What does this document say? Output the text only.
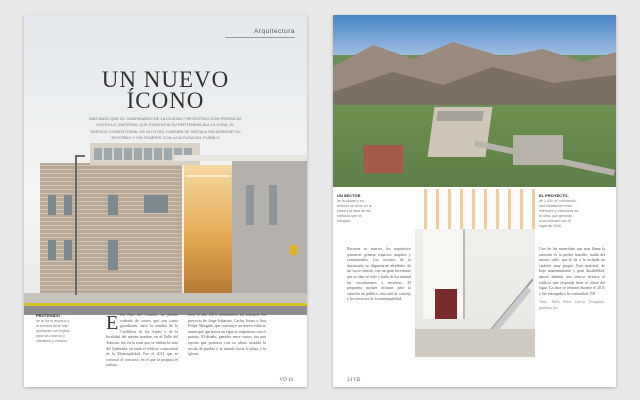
Arquitectura
UN NUEVO
ÍCONO
MÁS BAJO QUE EL CAMPANARIO DE LA IGLESIA Y REVESTIDO CON PIEDRA DE HUESILLO, MATERIAL QUE EVIDENCIA SU PERTENENCIA A LA ZONA, EL EDIFICIO CONSISTORIAL DE ALTO DEL CARMEN SE INSTALA SIN AGREDIR SU ENTORNO Y SIN ROMPER CON LA ALTURA DEL PUEBLO
PROTEGIDO
de la luz el espacio y la sombra tiene bajo aperturas con hojitas para los vecinos y visitantes y vecinos.
E En Alto del Carmen, un pueblo rodeado de cerros que son como guardianes, nace la sombra de la Cordillera de los Andes y de la localidad del mismo nombre, en el Valle del Tránsito, fue en la zona que se realiza la sede del Quebrada, en tanto el edificio consistorial de la Municipalidad. Fue el 2012 que se convocó al concurso, en el que se propuso el trabajo.
Para el año 2013 comenzaron los trabajos. Un proyecto de Jorge Iribarren, Carlos Sousa y Ana Felipe Morgado que construye un nuevo edificio municipal que busca un espacio respetuoso con el paisaje. El diseño, ganador entre varios, fue una opción que potencia con su altura acotada la escala de pueblo y la mirada hacia la plaza y la iglesia.
VD 16
UN SECTOR
de la ciudad y su entorno se tiene en la plaza y la idea de los edificios que se integran.
EL PROYECTO,
de 1.400 m² construido, una instalación entre interiores y exteriores de la obra, que generan una conexión con el lugar de 1940.
Recorrer su interior, los arquitectos quisieron generar espacios amplios y comunicados. Los recintos de la institución se dispusieron alrededor de un vacío central, con un gran lucernario que se abre al cielo y baña de luz natural las circulaciones y escaleras. El programa incluye oficinas para la atención de público, una sala de concejo y los servicios de la municipalidad.
Uno de los materiales que más llama la atención es la piedra huesillo, traída del mismo valle, que le da a la fachada un carácter muy propio. Este material, de bajo mantenimiento y gran durabilidad, aporta además una inercia térmica al edificio que responde bien al clima del lugar. La obra se terminó durante el 2015 y fue entregada a la comunidad. VD
Texto, Paula Pérez García. Fotografía, gentileza Iris.
24 VD
